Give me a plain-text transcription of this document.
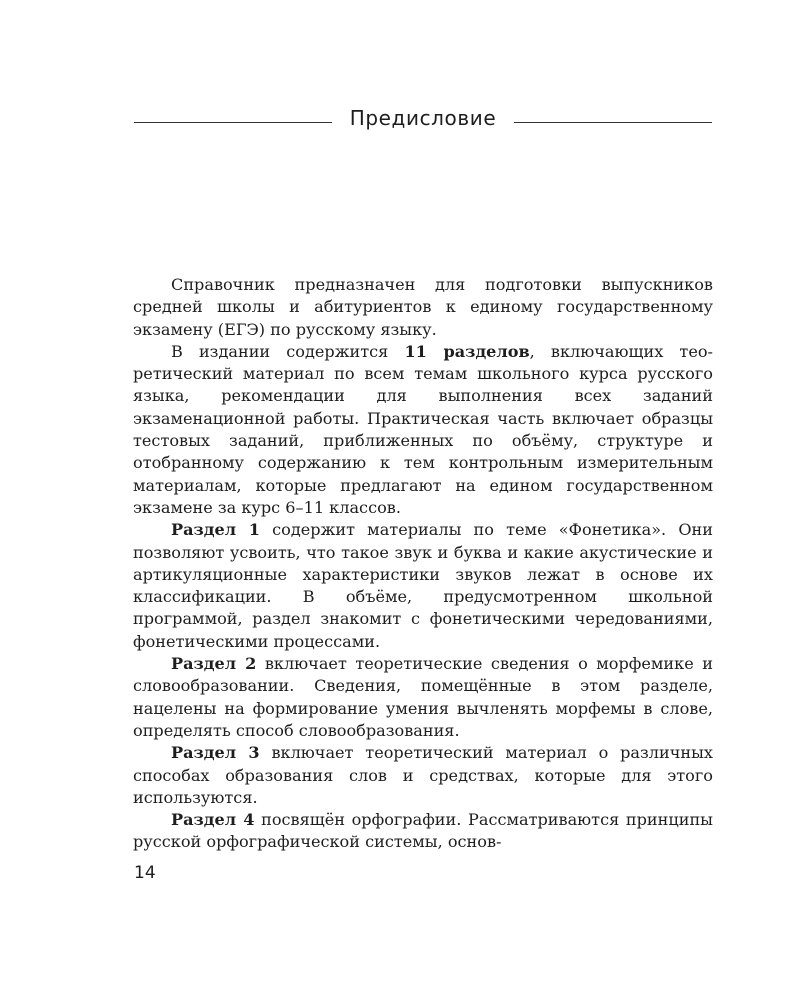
Предисловие

Справочник предназначен для подготовки выпускников средней школы и абитуриентов к единому государственному экзамену (ЕГЭ) по русскому языку.

В издании содержится 11 разделов, включающих теоретический материал по всем темам школьного курса русского языка, рекомендации для выполнения всех заданий экзаменационной работы. Практическая часть включает образцы тестовых заданий, приближенных по объёму, структуре и отобранному содержанию к тем контрольным измерительным материалам, которые предлагают на едином государственном экзамене за курс 6–11 классов.

Раздел 1 содержит материалы по теме «Фонетика». Они позволяют усвоить, что такое звук и буква и какие акустические и артикуляционные характеристики звуков лежат в основе их классификации. В объёме, предусмотренном школьной программой, раздел знакомит с фонетическими чередованиями, фонетическими процессами.

Раздел 2 включает теоретические сведения о морфемике и словообразовании. Сведения, помещённые в этом разделе, нацелены на формирование умения вычленять морфемы в слове, определять способ словообразования.

Раздел 3 включает теоретический материал о различных способах образования слов и средствах, которые для этого используются.

Раздел 4 посвящён орфографии. Рассматриваются принципы русской орфографической системы, основ-

14
